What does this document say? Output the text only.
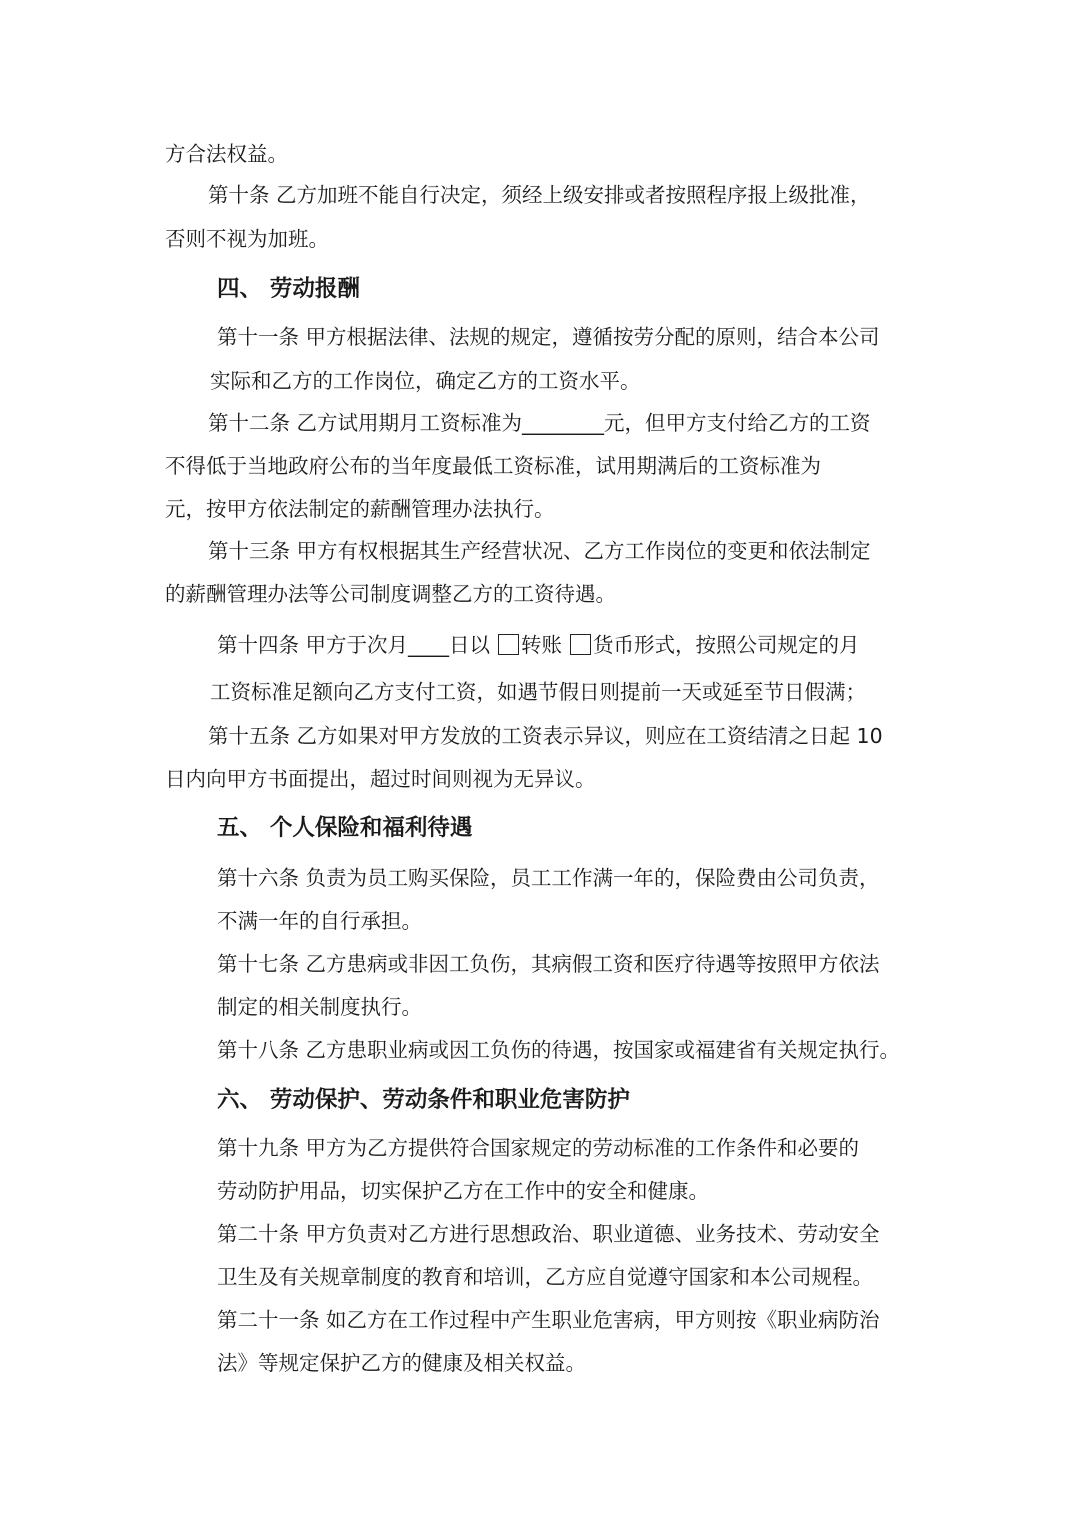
方合法权益。
第十条 乙方加班不能自行决定，须经上级安排或者按照程序报上级批准，
否则不视为加班。
四、 劳动报酬
第十一条 甲方根据法律、法规的规定，遵循按劳分配的原则，结合本公司
实际和乙方的工作岗位，确定乙方的工资水平。
第十二条 乙方试用期月工资标准为________元，但甲方支付给乙方的工资
不得低于当地政府公布的当年度最低工资标准，试用期满后的工资标准为
元，按甲方依法制定的薪酬管理办法执行。
第十三条 甲方有权根据其生产经营状况、乙方工作岗位的变更和依法制定
的薪酬管理办法等公司制度调整乙方的工资待遇。
第十四条 甲方于次月____日以 转账 货币形式，按照公司规定的月
工资标准足额向乙方支付工资，如遇节假日则提前一天或延至节日假满；
第十五条 乙方如果对甲方发放的工资表示异议，则应在工资结清之日起 10
日内向甲方书面提出，超过时间则视为无异议。
五、 个人保险和福利待遇
第十六条 负责为员工购买保险，员工工作满一年的，保险费由公司负责，
不满一年的自行承担。
第十七条 乙方患病或非因工负伤，其病假工资和医疗待遇等按照甲方依法
制定的相关制度执行。
第十八条 乙方患职业病或因工负伤的待遇，按国家或福建省有关规定执行。
六、 劳动保护、劳动条件和职业危害防护
第十九条 甲方为乙方提供符合国家规定的劳动标准的工作条件和必要的
劳动防护用品，切实保护乙方在工作中的安全和健康。
第二十条 甲方负责对乙方进行思想政治、职业道德、业务技术、劳动安全
卫生及有关规章制度的教育和培训，乙方应自觉遵守国家和本公司规程。
第二十一条 如乙方在工作过程中产生职业危害病，甲方则按《职业病防治
法》等规定保护乙方的健康及相关权益。
